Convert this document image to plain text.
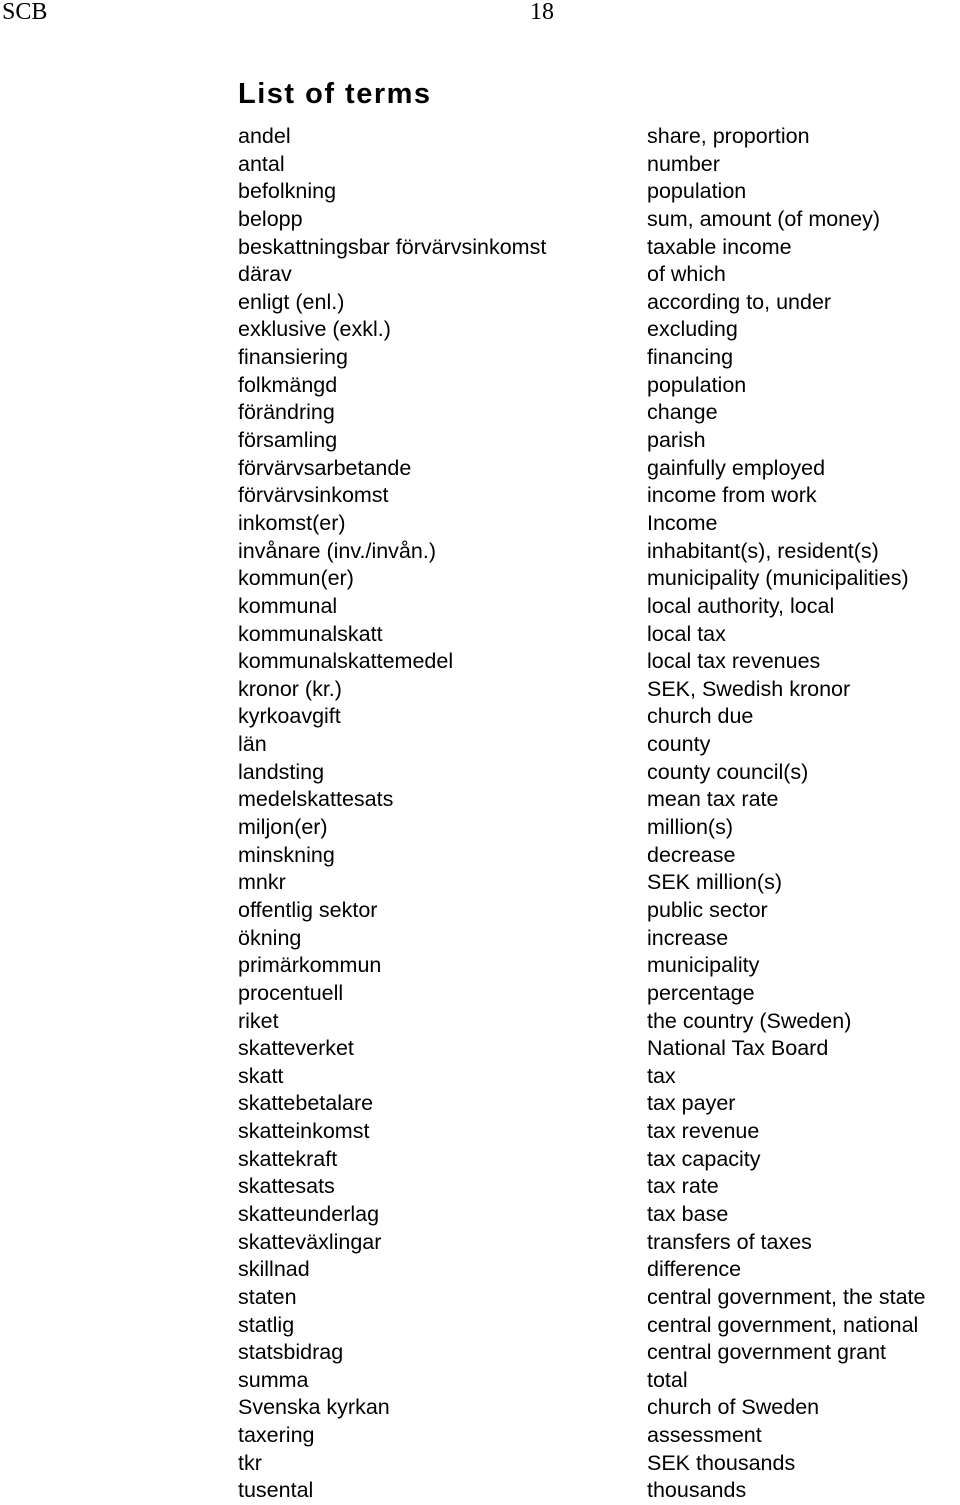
SCB	18
List of terms
andel	share, proportion
antal	number
befolkning	population
belopp	sum, amount (of money)
beskattningsbar förvärvsinkomst	taxable income
därav	of which
enligt (enl.)	according to, under
exklusive (exkl.)	excluding
finansiering	financing
folkmängd	population
förändring	change
församling	parish
förvärvsarbetande	gainfully employed
förvärvsinkomst	income from work
inkomst(er)	Income
invånare (inv./invån.)	inhabitant(s), resident(s)
kommun(er)	municipality (municipalities)
kommunal	local authority, local
kommunalskatt	local tax
kommunalskattemedel	local tax revenues
kronor (kr.)	SEK, Swedish kronor
kyrkoavgift	church due
län	county
landsting	county council(s)
medelskattesats	mean tax rate
miljon(er)	million(s)
minskning	decrease
mnkr	SEK million(s)
offentlig sektor	public sector
ökning	increase
primärkommun	municipality
procentuell	percentage
riket	the country (Sweden)
skatteverket	National Tax Board
skatt	tax
skattebetalare	tax payer
skatteinkomst	tax revenue
skattekraft	tax capacity
skattesats	tax rate
skatteunderlag	tax base
skatteväxlingar	transfers of taxes
skillnad	difference
staten	central government, the state
statlig	central government, national
statsbidrag	central government grant
summa	total
Svenska kyrkan	church of Sweden
taxering	assessment
tkr	SEK thousands
tusental	thousands
